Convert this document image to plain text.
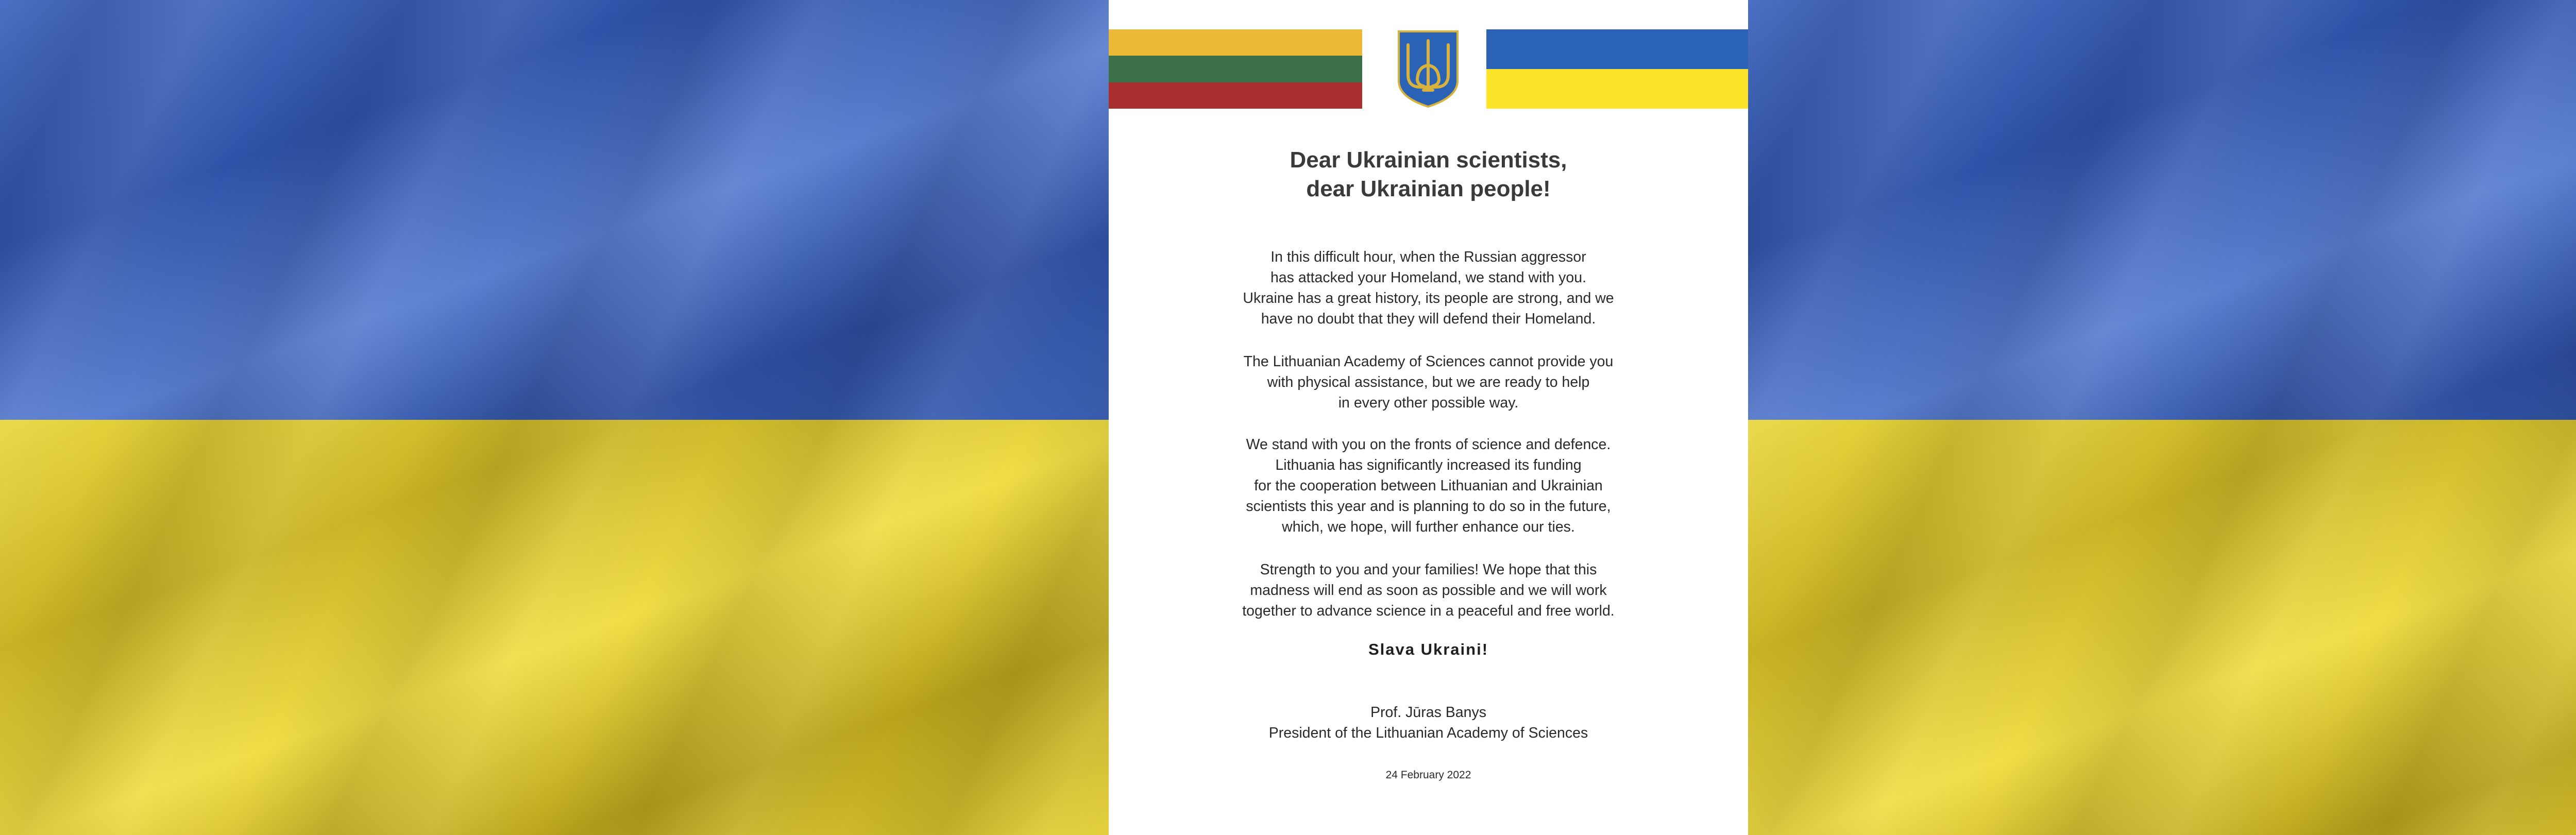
Dear Ukrainian scientists,
dear Ukrainian people!
In this difficult hour, when the Russian aggressor
has attacked your Homeland, we stand with you.
Ukraine has a great history, its people are strong, and we
have no doubt that they will defend their Homeland.
The Lithuanian Academy of Sciences cannot provide you
with physical assistance, but we are ready to help
in every other possible way.
We stand with you on the fronts of science and defence.
Lithuania has significantly increased its funding
for the cooperation between Lithuanian and Ukrainian
scientists this year and is planning to do so in the future,
which, we hope, will further enhance our ties.
Strength to you and your families! We hope that this
madness will end as soon as possible and we will work
together to advance science in a peaceful and free world.
Slava Ukraini!
Prof. Jūras Banys
President of the Lithuanian Academy of Sciences
24 February 2022
